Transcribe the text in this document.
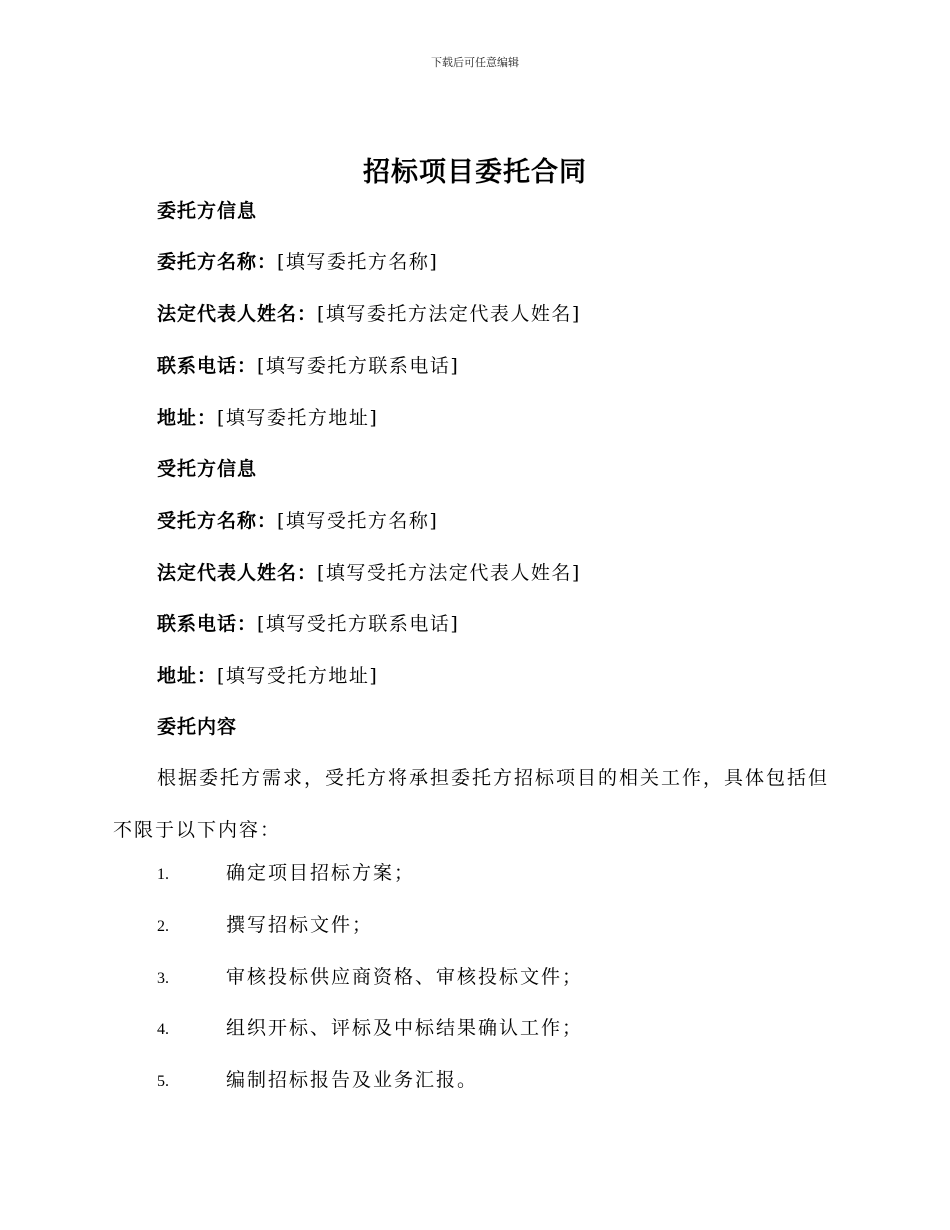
下载后可任意编辑
招标项目委托合同
委托方信息
委托方名称：[填写委托方名称]
法定代表人姓名：[填写委托方法定代表人姓名]
联系电话：[填写委托方联系电话]
地址：[填写委托方地址]
受托方信息
受托方名称：[填写受托方名称]
法定代表人姓名：[填写受托方法定代表人姓名]
联系电话：[填写受托方联系电话]
地址：[填写受托方地址]
委托内容
根据委托方需求，受托方将承担委托方招标项目的相关工作，具体包括但不限于以下内容：
1.	确定项目招标方案；
2.	撰写招标文件；
3.	审核投标供应商资格、审核投标文件；
4.	组织开标、评标及中标结果确认工作；
5.	编制招标报告及业务汇报。
